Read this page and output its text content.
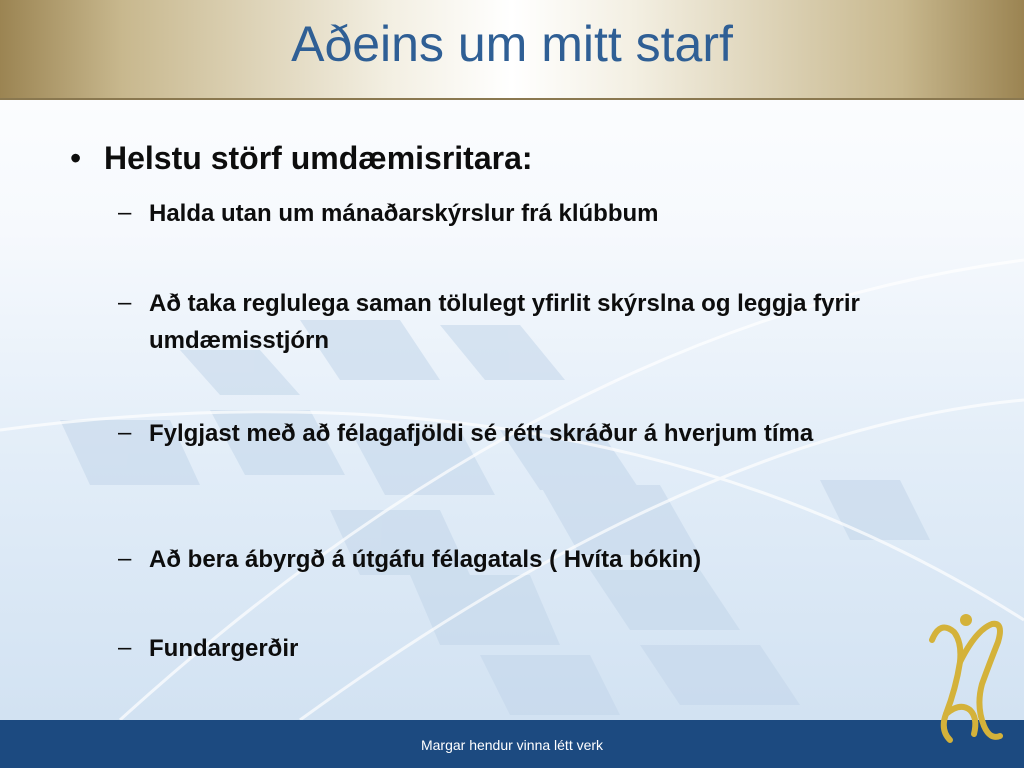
Aðeins um mitt starf
• Helstu störf umdæmisritara:
– Halda utan um mánaðarskýrslur frá klúbbum
– Að taka reglulega saman tölulegt yfirlit skýrslna og leggja fyrir umdæmisstjórn
– Fylgjast með að félagafjöldi sé rétt skráður á hverjum tíma
– Að bera ábyrgð á útgáfu félagatals ( Hvíta bókin)
– Fundargerðir
Margar hendur vinna létt verk
